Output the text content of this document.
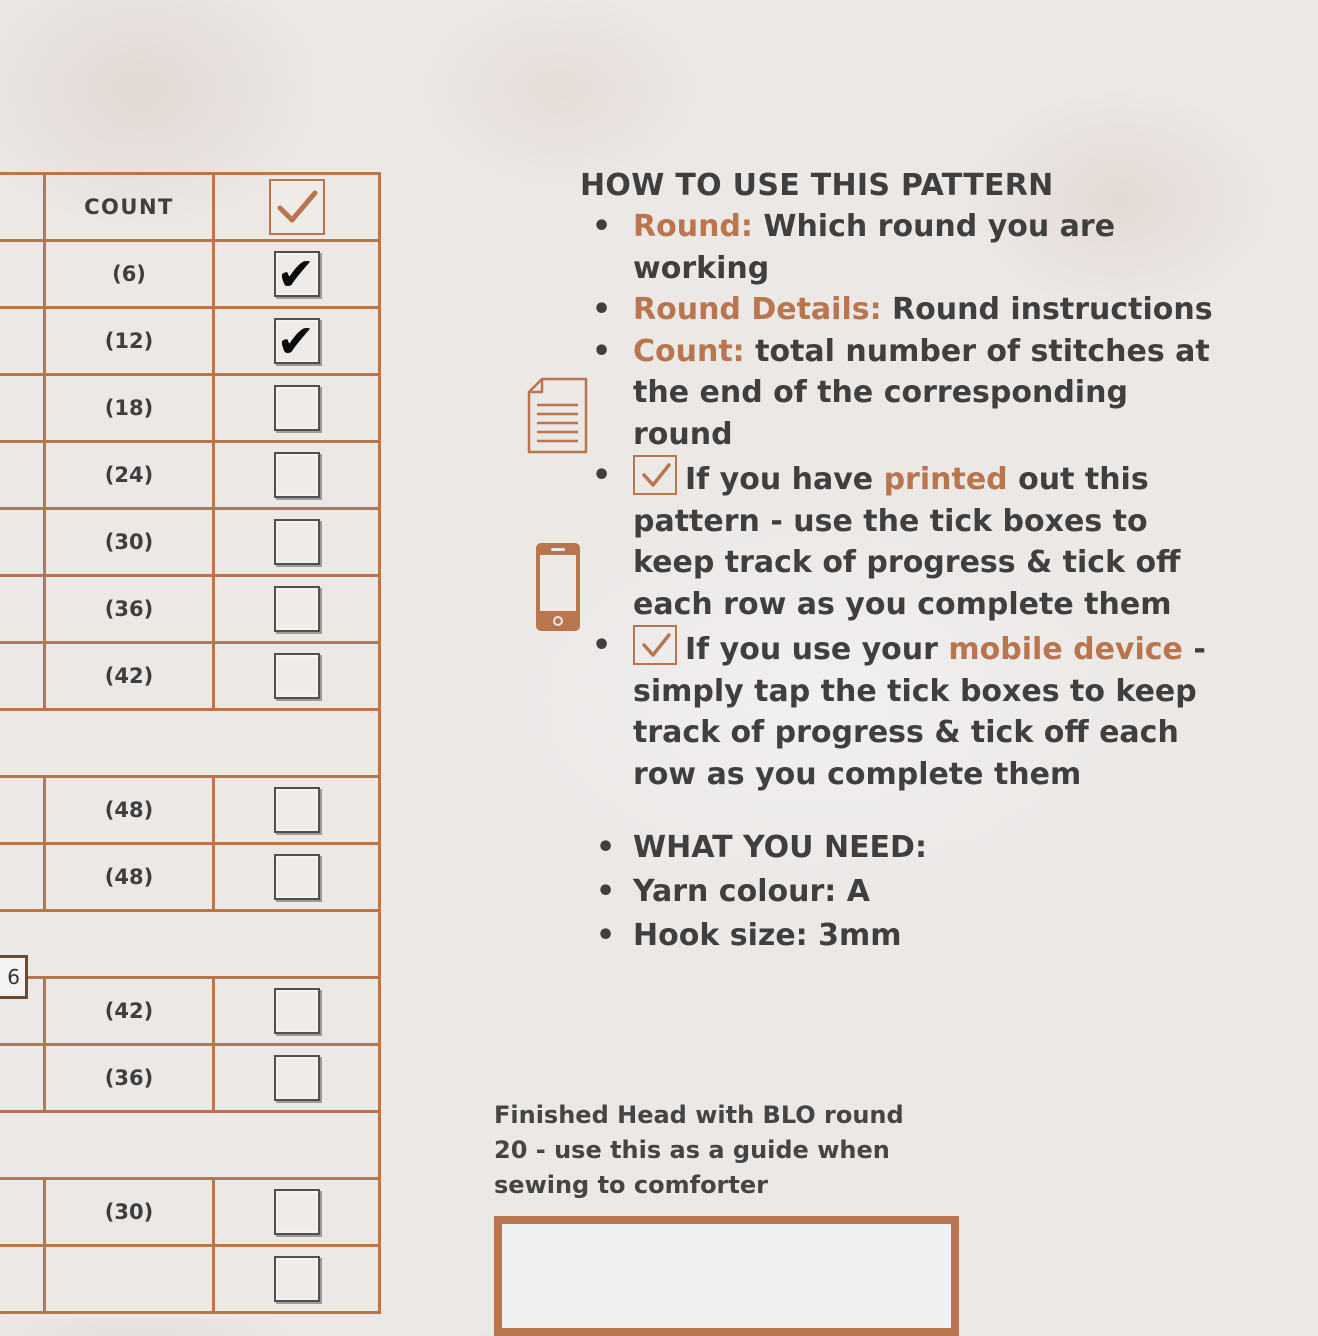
	COUNT	

	(6)	✔

	(12)	✔

	(18)	
	(24)	
	(30)	
	(36)	
	(42)	

	(48)	
	(48)	

	(42)	
	(36)	

	(30)	

6
HOW TO USE THIS PATTERN
• Round: Which round you are working
• Round Details: Round instructions
• Count: total number of stitches at the end of the corresponding round
• If you have printed out this pattern - use the tick boxes to keep track of progress & tick off each row as you complete them
• If you use your mobile device - simply tap the tick boxes to keep track of progress & tick off each row as you complete them
• WHAT YOU NEED:
• Yarn colour: A
• Hook size: 3mm

Finished Head with BLO round 20 - use this as a guide when sewing to comforter
